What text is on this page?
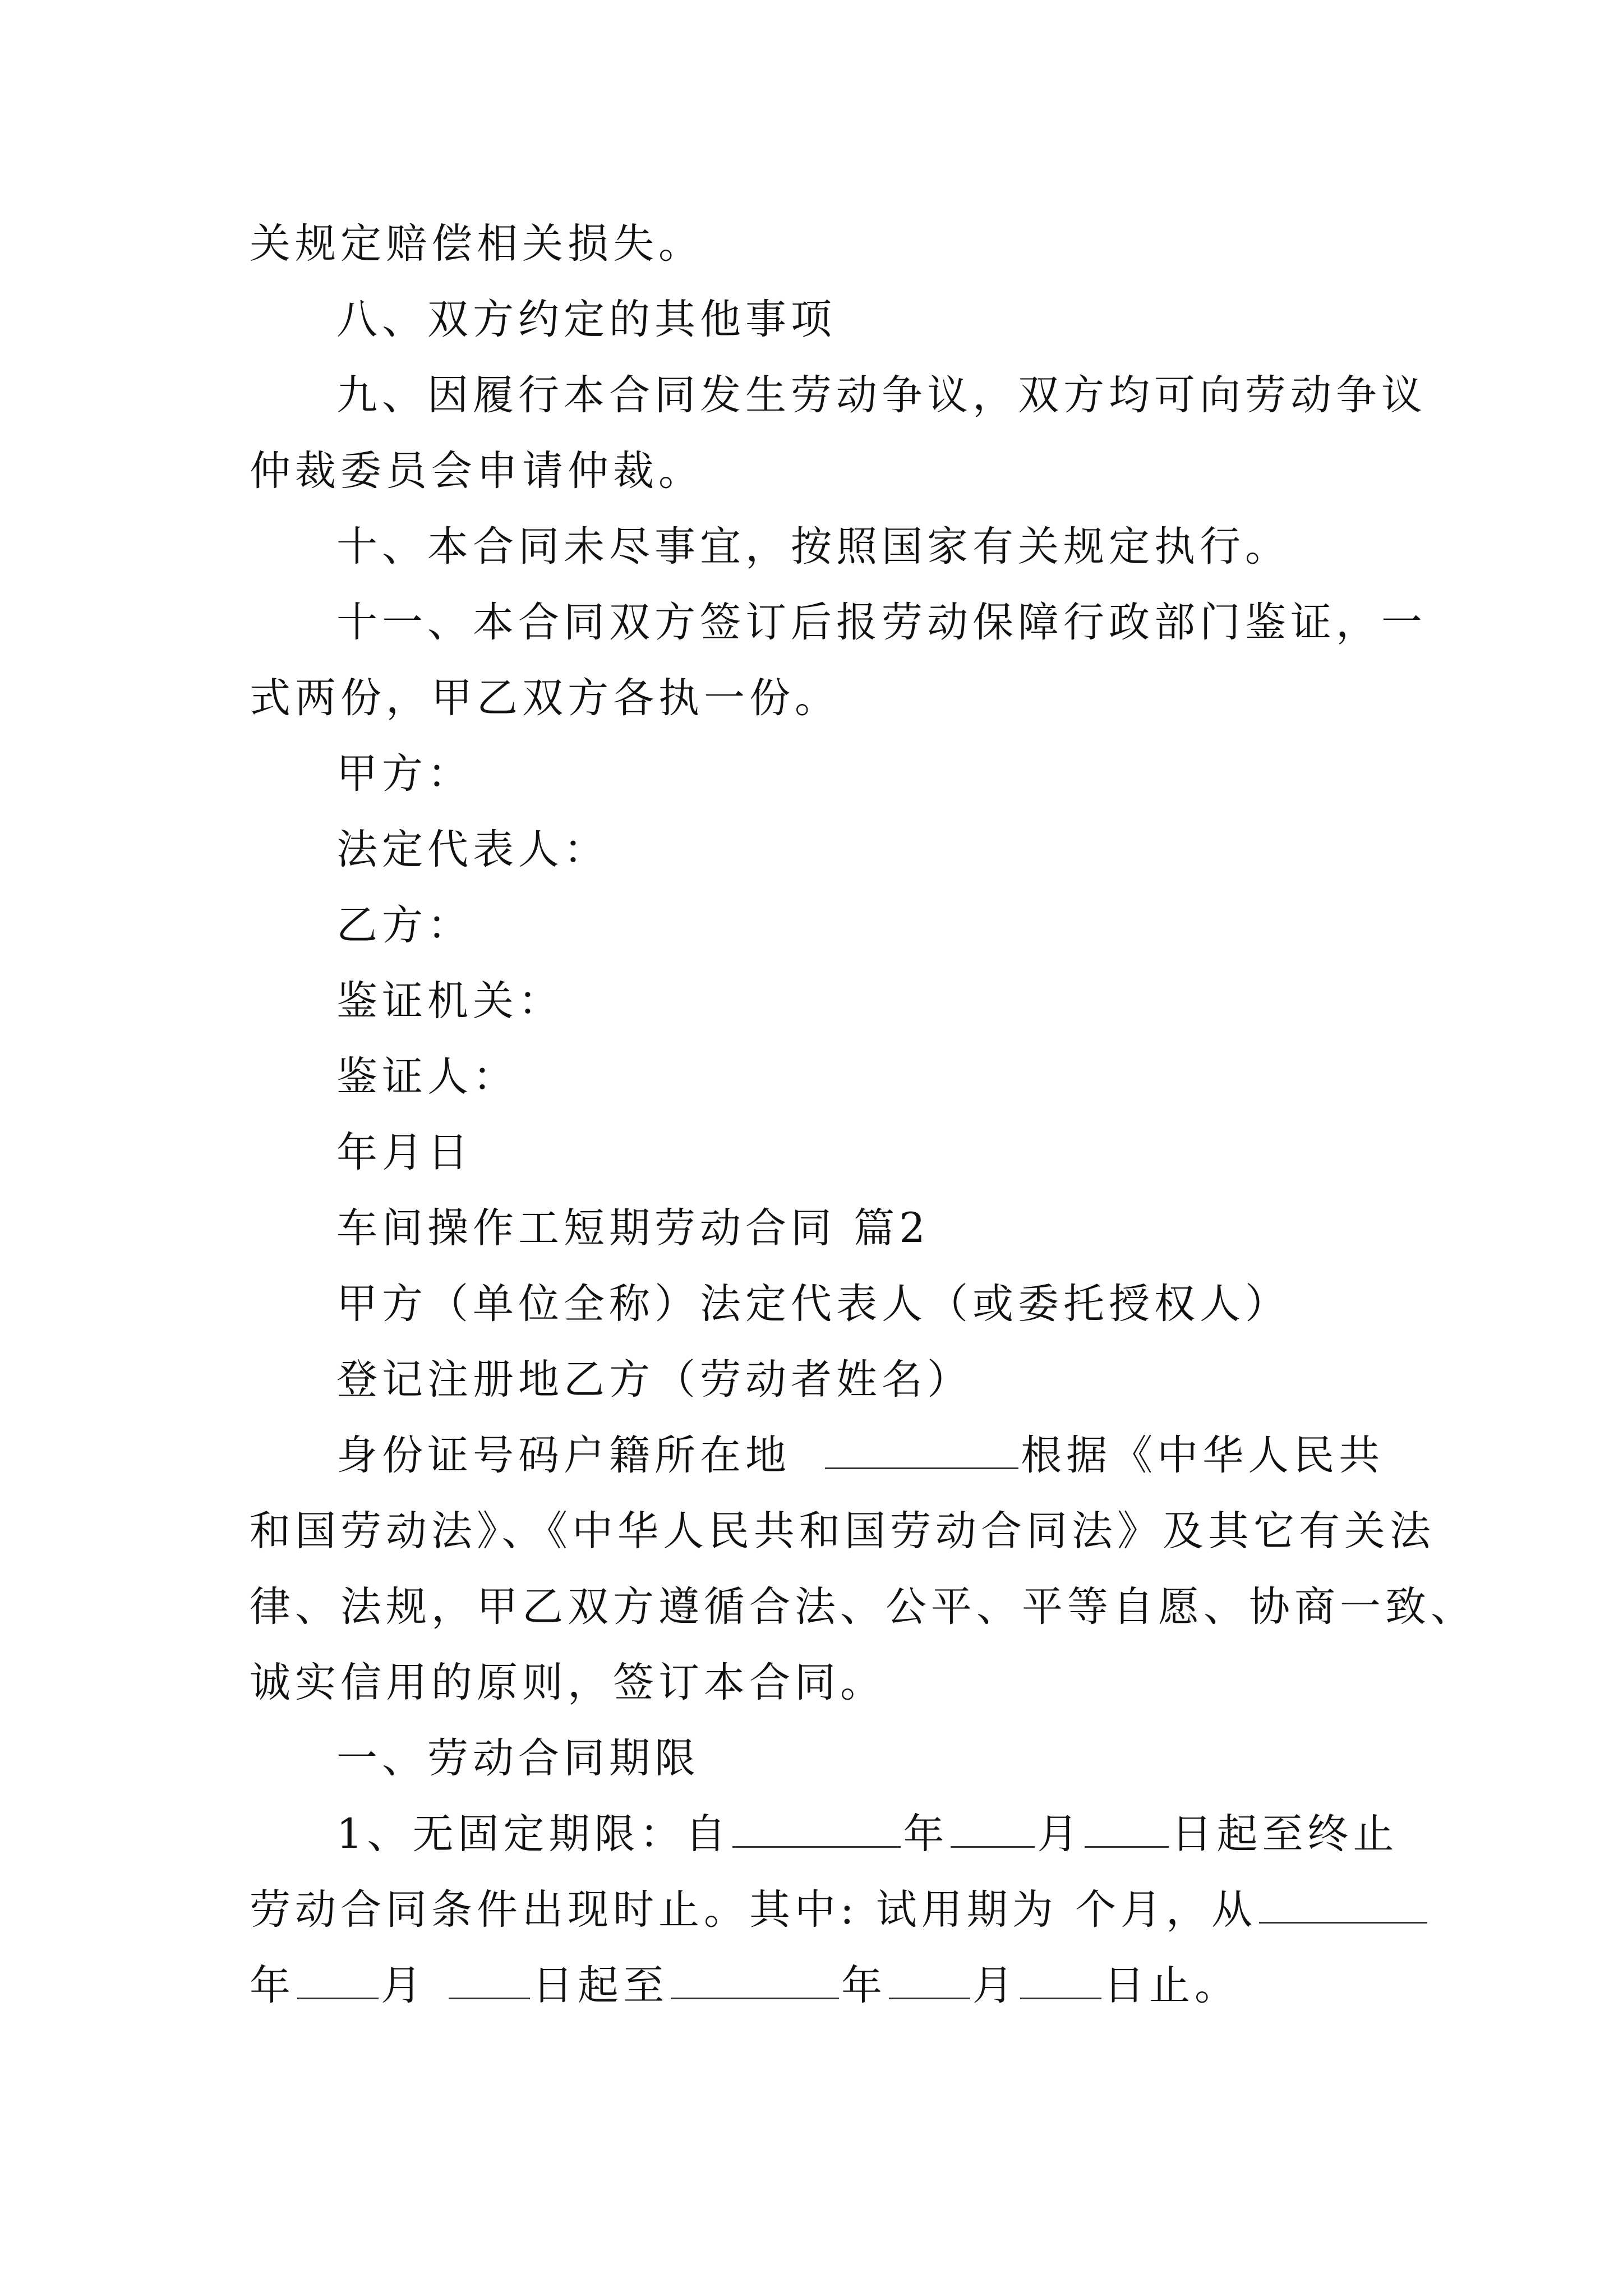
关规定赔偿相关损失。
八、双方约定的其他事项
九、因履行本合同发生劳动争议，双方均可向劳动争议
仲裁委员会申请仲裁。
十、本合同未尽事宜，按照国家有关规定执行。
十一、本合同双方签订后报劳动保障行政部门鉴证，一
式两份，甲乙双方各执一份。
甲方：
法定代表人：
乙方：
鉴证机关：
鉴证人：
年月日
车间操作工短期劳动合同 篇2
甲方（单位全称）法定代表人（或委托授权人）
登记注册地乙方（劳动者姓名）
身份证号码户籍所在地	根据《中华人民共
和国劳动法》、《中华人民共和国劳动合同法》及其它有关法
律、法规，甲乙双方遵循合法、公平、平等自愿、协商一致、
诚实信用的原则，签订本合同。
一、劳动合同期限
1、无固定期限：自	年 月 日起至终止
劳动合同条件出现时止。其中: 试用期为 个月，从
年 月	日起至	年 月 日止。
